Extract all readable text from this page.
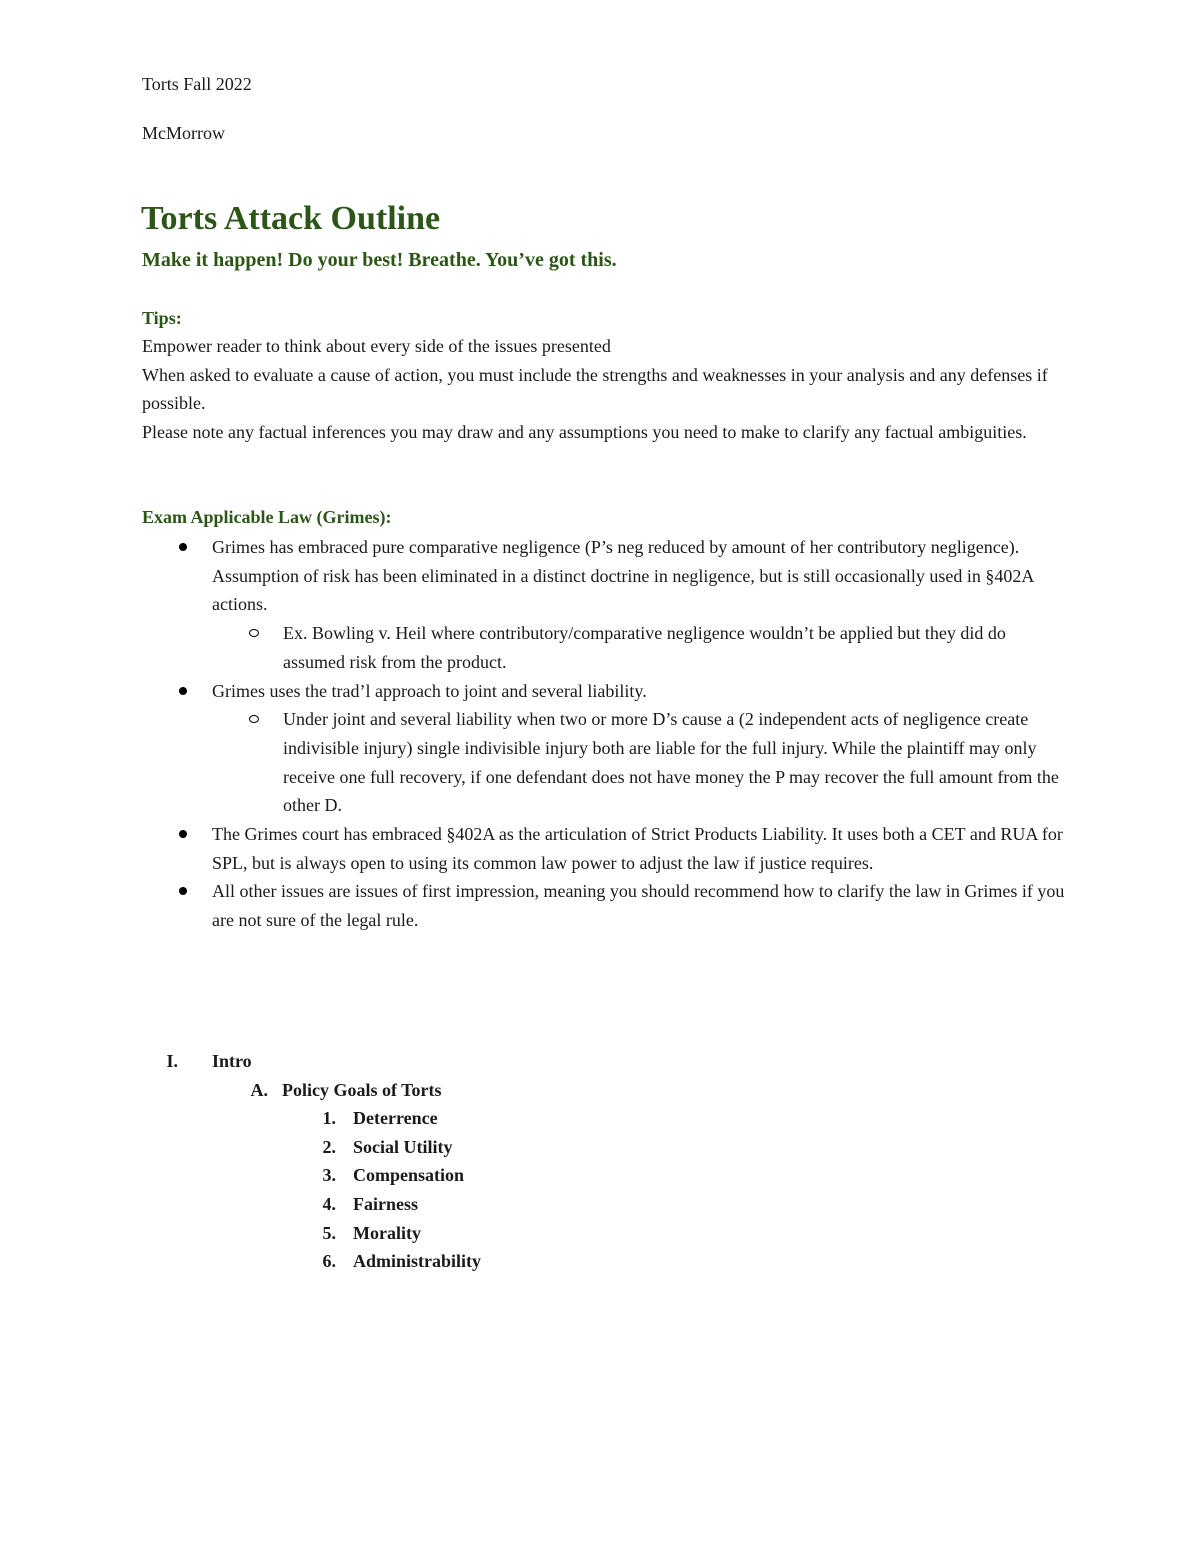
Torts Fall 2022
McMorrow
Torts Attack Outline
Make it happen! Do your best! Breathe. You’ve got this.
Tips:

Empower reader to think about every side of the issues presented

When asked to evaluate a cause of action, you must include the strengths and weaknesses in your analysis and any defenses if possible.

Please note any factual inferences you may draw and any assumptions you need to make to clarify any factual ambiguities.

Exam Applicable Law (Grimes):
Grimes has embraced pure comparative negligence (P’s neg reduced by amount of her contributory negligence). Assumption of risk has been eliminated in a distinct doctrine in negligence, but is still occasionally used in §402A actions.
Ex. Bowling v. Heil where contributory/comparative negligence wouldn’t be applied but they did do assumed risk from the product.
Grimes uses the trad’l approach to joint and several liability.
Under joint and several liability when two or more D’s cause a (2 independent acts of negligence create indivisible injury) single indivisible injury both are liable for the full injury. While the plaintiff may only receive one full recovery, if one defendant does not have money the P may recover the full amount from the other D.
The Grimes court has embraced §402A as the articulation of Strict Products Liability. It uses both a CET and RUA for SPL, but is always open to using its common law power to adjust the law if justice requires.
All other issues are issues of first impression, meaning you should recommend how to clarify the law in Grimes if you are not sure of the legal rule.
I. Intro
A. Policy Goals of Torts
1. Deterrence
2. Social Utility
3. Compensation
4. Fairness
5. Morality
6. Administrability
